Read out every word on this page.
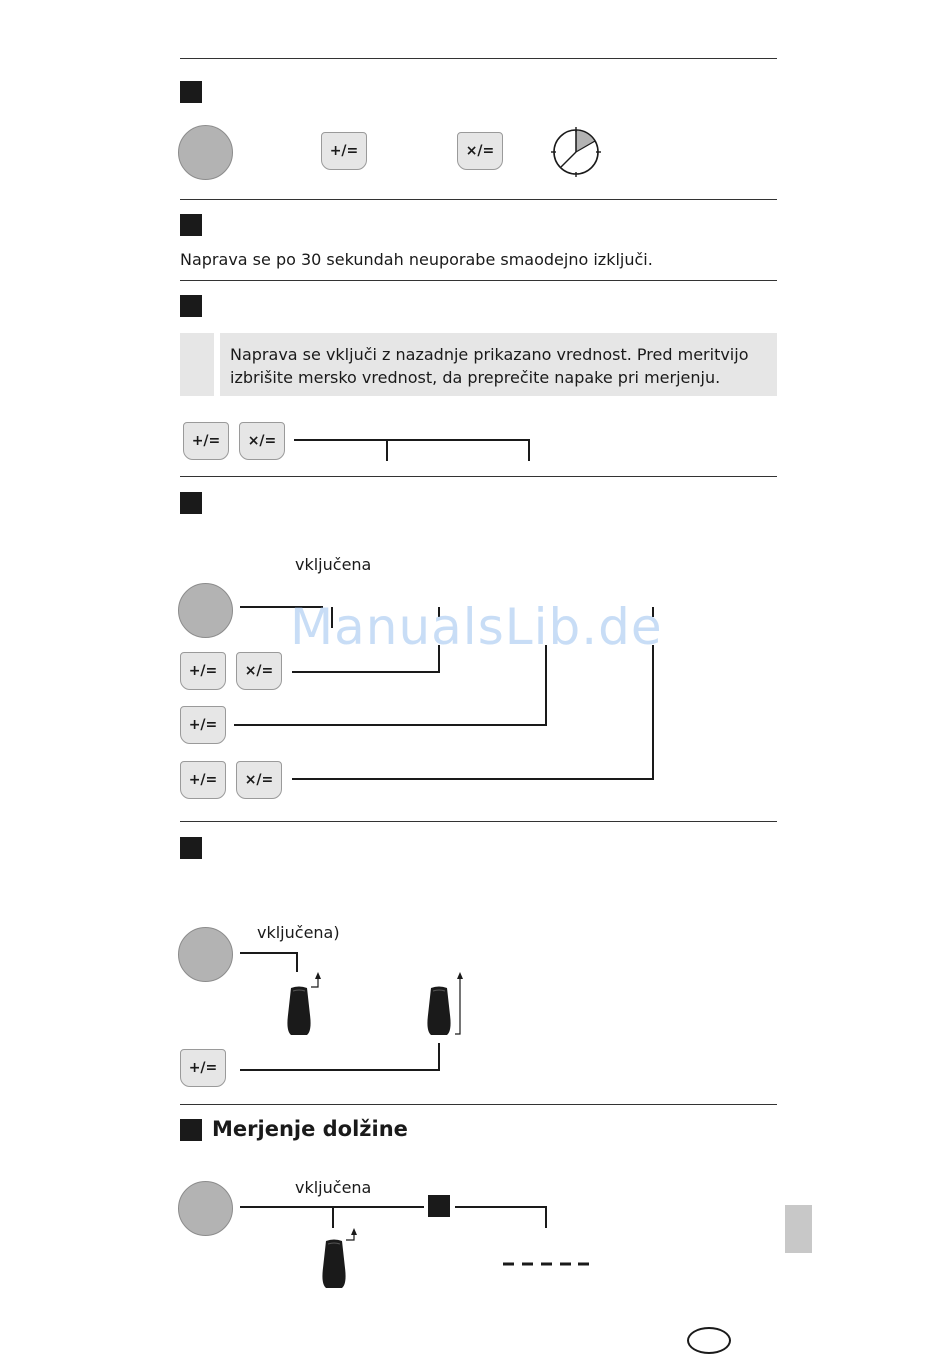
+/=	×/=
Naprava se po 30 sekundah neuporabe smaodejno izključi.
Naprava se vključi z nazadnje prikazano vrednost. Pred meritvijo
izbrišite mersko vrednost, da preprečite napake pri merjenju.
+/=	×/=
vključena
+/=	×/=
+/=
+/=	×/=
vključena)
+/=
Merjenje dolžine
vključena
ManualsLib.de
